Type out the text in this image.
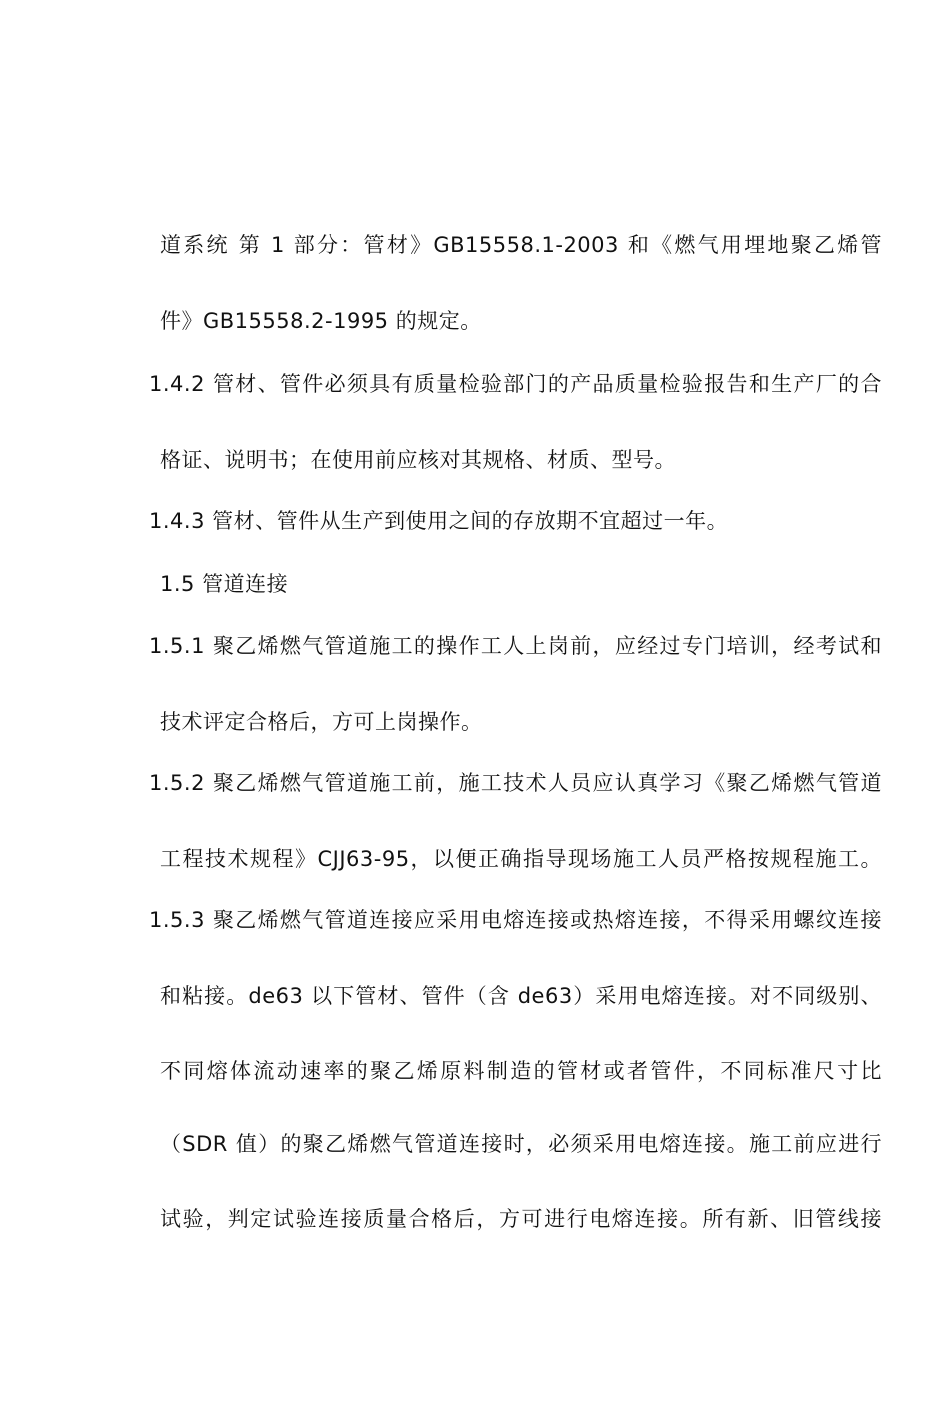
道系统 第 1 部分：管材》GB15558.1-2003 和《燃气用埋地聚乙烯管
件》GB15558.2-1995 的规定。
1.4.2 管材、管件必须具有质量检验部门的产品质量检验报告和生产厂的合
格证、说明书；在使用前应核对其规格、材质、型号。
1.4.3 管材、管件从生产到使用之间的存放期不宜超过一年。
1.5 管道连接
1.5.1 聚乙烯燃气管道施工的操作工人上岗前，应经过专门培训，经考试和
技术评定合格后，方可上岗操作。
1.5.2 聚乙烯燃气管道施工前，施工技术人员应认真学习《聚乙烯燃气管道
工程技术规程》CJJ63-95，以便正确指导现场施工人员严格按规程施工。
1.5.3 聚乙烯燃气管道连接应采用电熔连接或热熔连接，不得采用螺纹连接
和粘接。de63 以下管材、管件（含 de63）采用电熔连接。对不同级别、
不同熔体流动速率的聚乙烯原料制造的管材或者管件，不同标准尺寸比
（SDR 值）的聚乙烯燃气管道连接时，必须采用电熔连接。施工前应进行
试验，判定试验连接质量合格后，方可进行电熔连接。所有新、旧管线接
